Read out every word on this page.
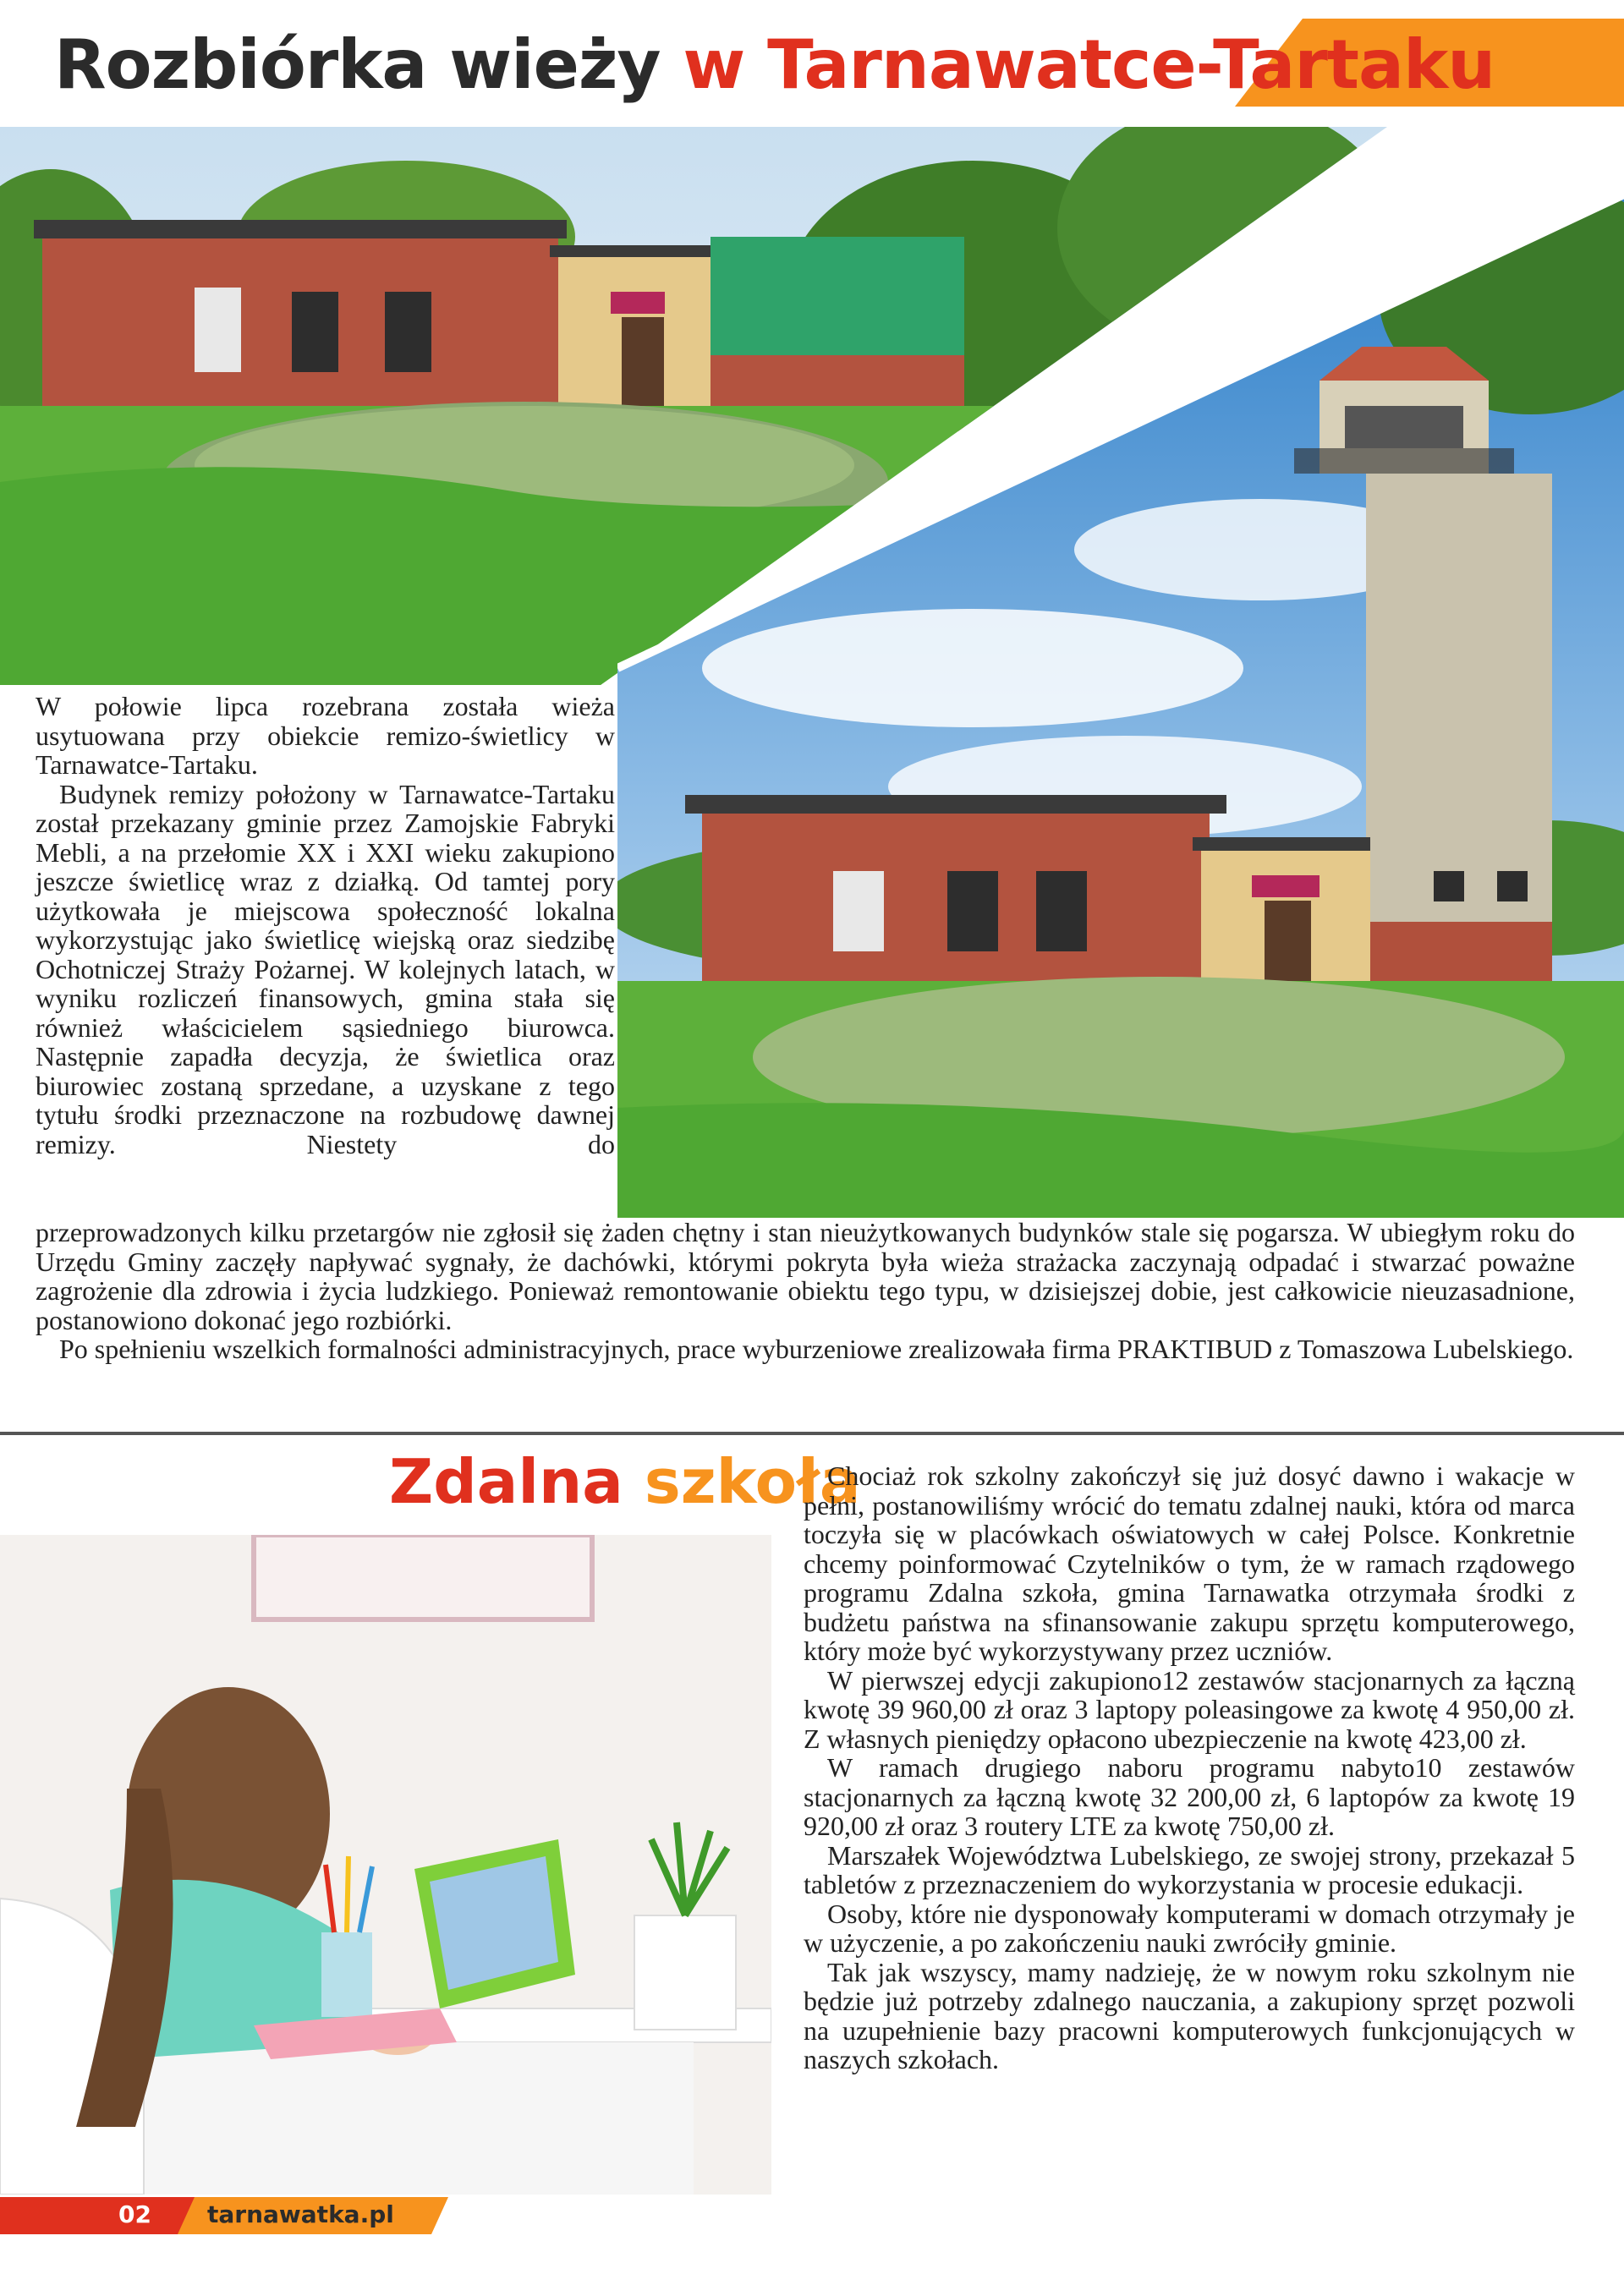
Rozbiórka wieży w Tarnawatce-Tartaku

W połowie lipca rozebrana została wieża usytuowana przy obiekcie remizo-świetlicy w Tarnawatce-Tartaku.

Budynek remizy położony w Tarnawatce-Tartaku został przekazany gminie przez Zamojskie Fabryki Mebli, a na przełomie XX i XXI wieku zakupiono jeszcze świetlicę wraz z działką. Od tamtej pory użytkowała je miejscowa społeczność lokalna wykorzystując jako świetlicę wiejską oraz siedzibę Ochotniczej Straży Pożarnej. W kolejnych latach, w wyniku rozliczeń finansowych, gmina stała się również właścicielem sąsiedniego biurowca. Następnie zapadła decyzja, że świetlica oraz biurowiec zostaną sprzedane, a uzyskane z tego tytułu środki przeznaczone na rozbudowę dawnej remizy. Niestety do

przeprowadzonych kilku przetargów nie zgłosił się żaden chętny i stan nieużytkowanych budynków stale się pogarsza. W ubiegłym roku do Urzędu Gminy zaczęły napływać sygnały, że dachówki, którymi pokryta była wieża strażacka zaczynają odpadać i stwarzać poważne zagrożenie dla zdrowia i życia ludzkiego. Ponieważ remontowanie obiektu tego typu, w dzisiejszej dobie, jest całkowicie nieuzasadnione, postanowiono dokonać jego rozbiórki.

Po spełnieniu wszelkich formalności administracyjnych, prace wyburzeniowe zrealizowała firma PRAKTIBUD z Tomaszowa Lubelskiego.

Zdalna szkoła

Chociaż rok szkolny zakończył się już dosyć dawno i wakacje w pełni, postanowiliśmy wrócić do tematu zdalnej nauki, która od marca toczyła się w placówkach oświatowych w całej Polsce. Konkretnie chcemy poinformować Czytelników o tym, że w ramach rządowego programu Zdalna szkoła, gmina Tarnawatka otrzymała środki z budżetu państwa na sfinansowanie zakupu sprzętu komputerowego, który może być wykorzystywany przez uczniów.

W pierwszej edycji zakupiono12 zestawów stacjonarnych za łączną kwotę 39 960,00 zł oraz 3 laptopy poleasingowe za kwotę 4 950,00 zł. Z własnych pieniędzy opłacono ubezpieczenie na kwotę 423,00 zł.

W ramach drugiego naboru programu nabyto10 zestawów stacjonarnych za łączną kwotę 32 200,00 zł, 6 laptopów za kwotę 19 920,00 zł oraz 3 routery LTE za kwotę 750,00 zł.

Marszałek Województwa Lubelskiego, ze swojej strony, przekazał 5 tabletów z przeznaczeniem do wykorzystania w procesie edukacji.

Osoby, które nie dysponowały komputerami w domach otrzymały je w użyczenie, a po zakończeniu nauki zwróciły gminie.

Tak jak wszyscy, mamy nadzieję, że w nowym roku szkolnym nie będzie już potrzeby zdalnego nauczania, a zakupiony sprzęt pozwoli na uzupełnienie bazy pracowni komputerowych funkcjonujących w naszych szkołach.

02 tarnawatka.pl
